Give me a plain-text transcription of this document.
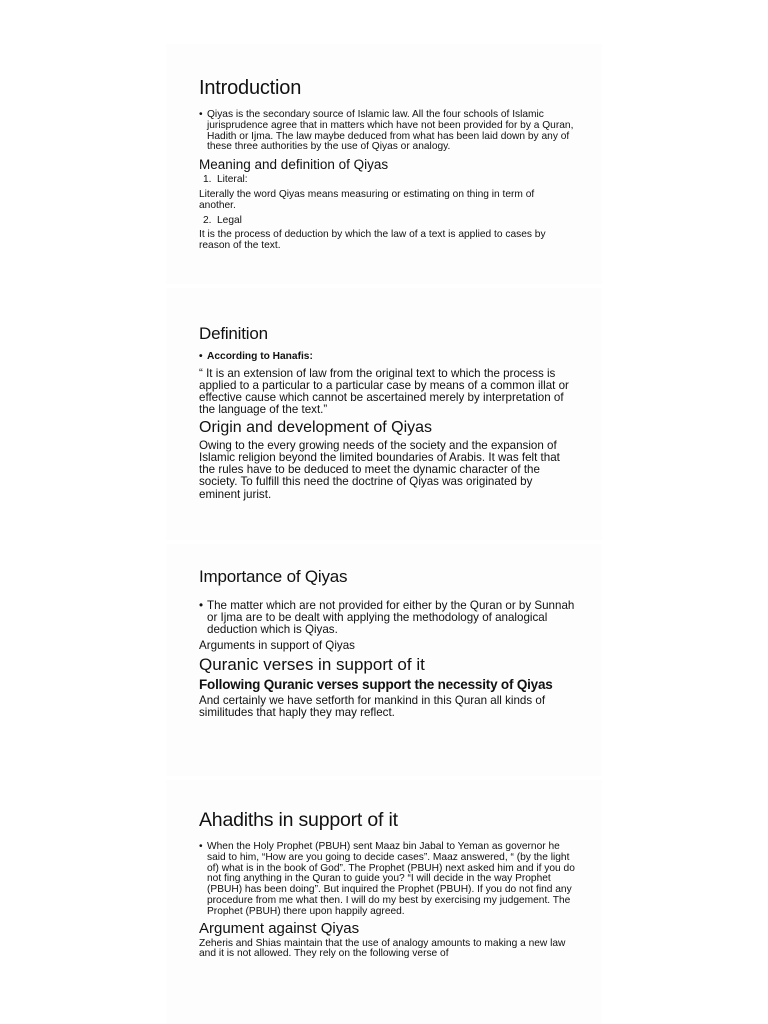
Introduction

• Qiyas is the secondary source of Islamic law. All the four schools of Islamic jurisprudence agree that in matters which have not been provided for by a Quran, Hadith or Ijma. The law maybe deduced from what has been laid down by any of these three authorities by the use of Qiyas or analogy.

Meaning and definition of Qiyas

1. Literal:

Literally the word Qiyas means measuring or estimating on thing in term of another.

2. Legal

It is the process of deduction by which the law of a text is applied to cases by reason of the text.

Definition

• According to Hanafis:

“ It is an extension of law from the original text to which the process is applied to a particular to a particular case by means of a common illat or effective cause which cannot be ascertained merely by interpretation of the language of the text.”

Origin and development of Qiyas

Owing to the every growing needs of the society and the expansion of Islamic religion beyond the limited boundaries of Arabis. It was felt that the rules have to be deduced to meet the dynamic character of the society. To fulfill this need the doctrine of Qiyas was originated by eminent jurist.

Importance of Qiyas

• The matter which are not provided for either by the Quran or by Sunnah or Ijma are to be dealt with applying the methodology of analogical deduction which is Qiyas.

Arguments in support of Qiyas

Quranic verses in support of it
Following Quranic verses support the necessity of Qiyas

And certainly we have setforth for mankind in this Quran all kinds of similitudes that haply they may reflect.

Ahadiths in support of it

• When the Holy Prophet (PBUH) sent Maaz bin Jabal to Yeman as governor he said to him, “How are you going to decide cases”. Maaz answered, “ (by the light of) what is in the book of God”. The Prophet (PBUH) next asked him and if you do not fing anything in the Quran to guide you? “I will decide in the way Prophet (PBUH) has been doing”. But inquired the Prophet (PBUH). If you do not find any procedure from me what then. I will do my best by exercising my judgement. The Prophet (PBUH) there upon happily agreed.

Argument against Qiyas

Zeheris and Shias maintain that the use of analogy amounts to making a new law and it is not allowed. They rely on the following verse of
